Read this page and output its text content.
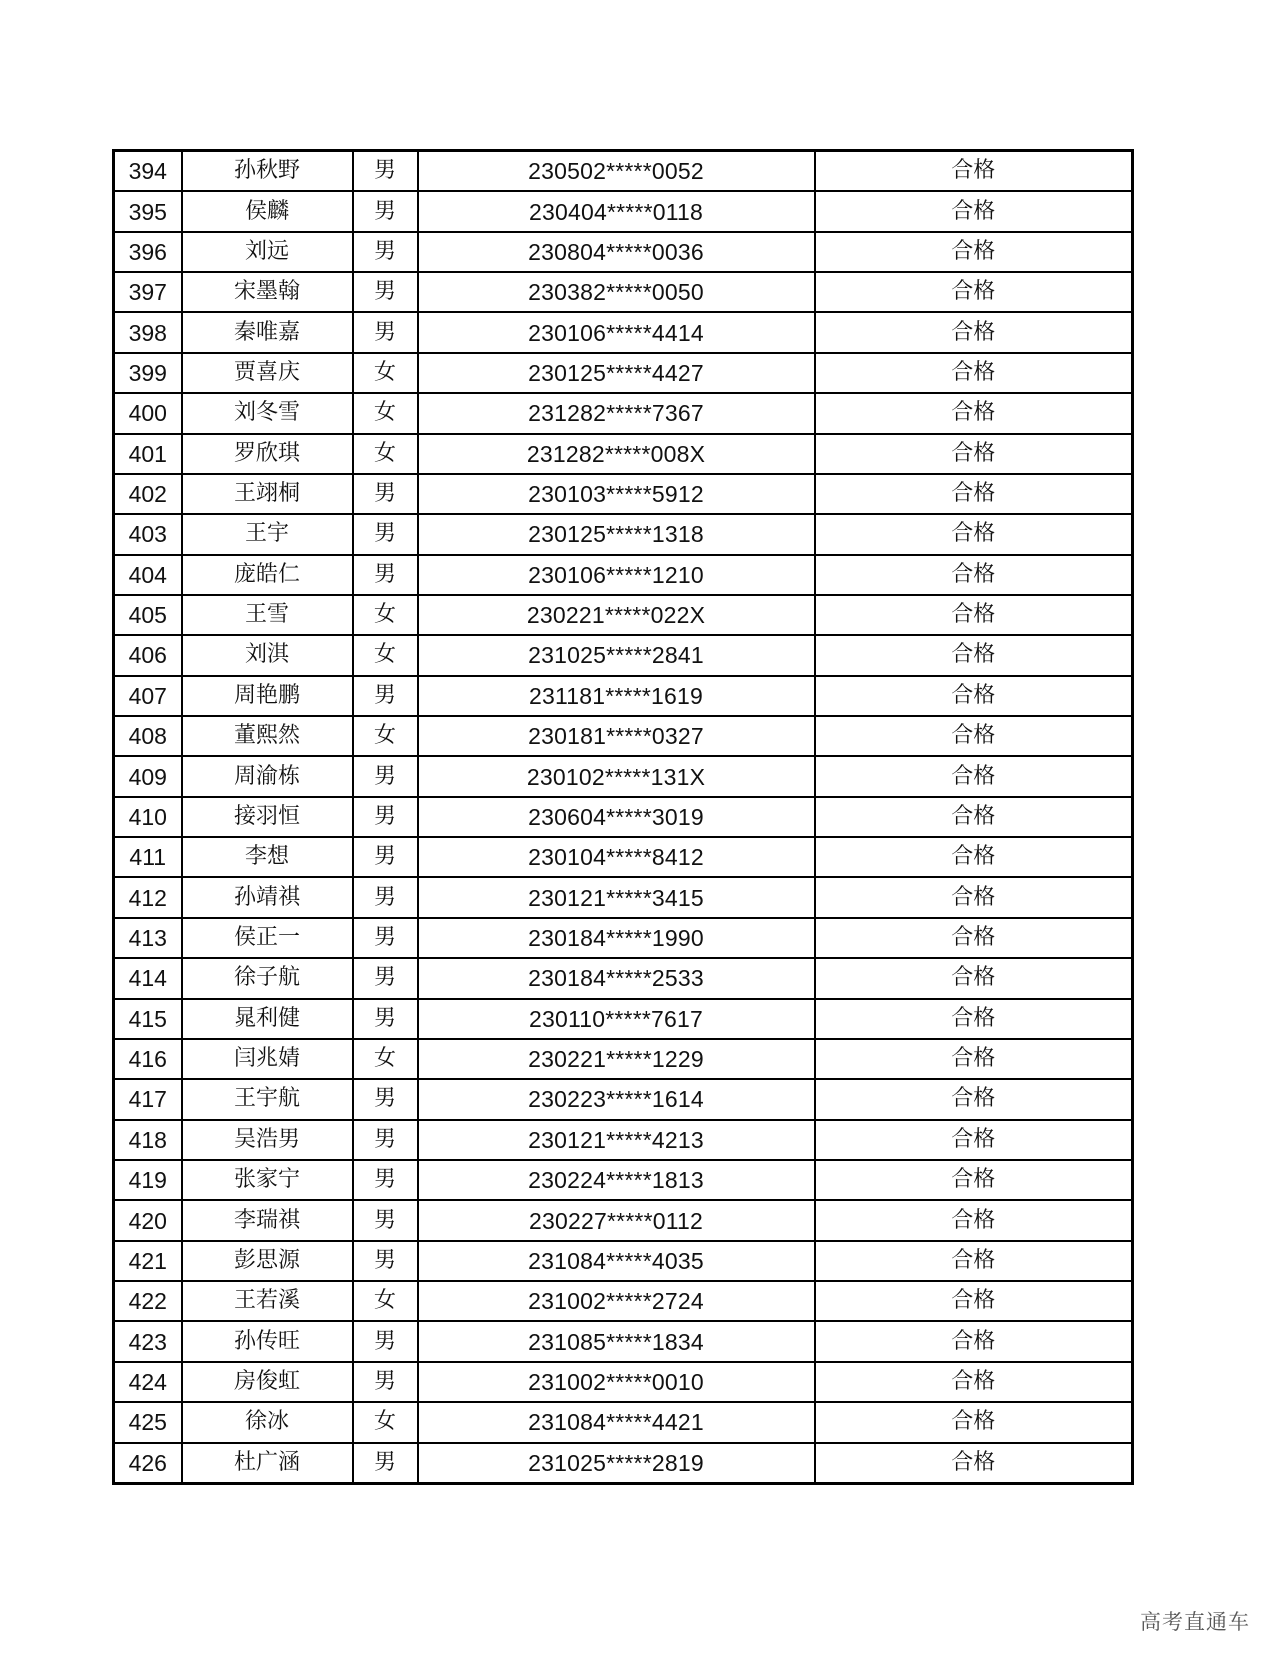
394	孙秋野	男	230502*****0052	合格
395	侯麟	男	230404*****0118	合格
396	刘远	男	230804*****0036	合格
397	宋墨翰	男	230382*****0050	合格
398	秦唯嘉	男	230106*****4414	合格
399	贾喜庆	女	230125*****4427	合格
400	刘冬雪	女	231282*****7367	合格
401	罗欣琪	女	231282*****008X	合格
402	王翊桐	男	230103*****5912	合格
403	王宇	男	230125*****1318	合格
404	庞皓仁	男	230106*****1210	合格
405	王雪	女	230221*****022X	合格
406	刘淇	女	231025*****2841	合格
407	周艳鹏	男	231181*****1619	合格
408	董熙然	女	230181*****0327	合格
409	周渝栋	男	230102*****131X	合格
410	接羽恒	男	230604*****3019	合格
411	李想	男	230104*****8412	合格
412	孙靖祺	男	230121*****3415	合格
413	侯正一	男	230184*****1990	合格
414	徐子航	男	230184*****2533	合格
415	晁利健	男	230110*****7617	合格
416	闫兆婧	女	230221*****1229	合格
417	王宇航	男	230223*****1614	合格
418	吴浩男	男	230121*****4213	合格
419	张家宁	男	230224*****1813	合格
420	李瑞祺	男	230227*****0112	合格
421	彭思源	男	231084*****4035	合格
422	王若溪	女	231002*****2724	合格
423	孙传旺	男	231085*****1834	合格
424	房俊虹	男	231002*****0010	合格
425	徐冰	女	231084*****4421	合格
426	杜广涵	男	231025*****2819	合格
高考直通车
